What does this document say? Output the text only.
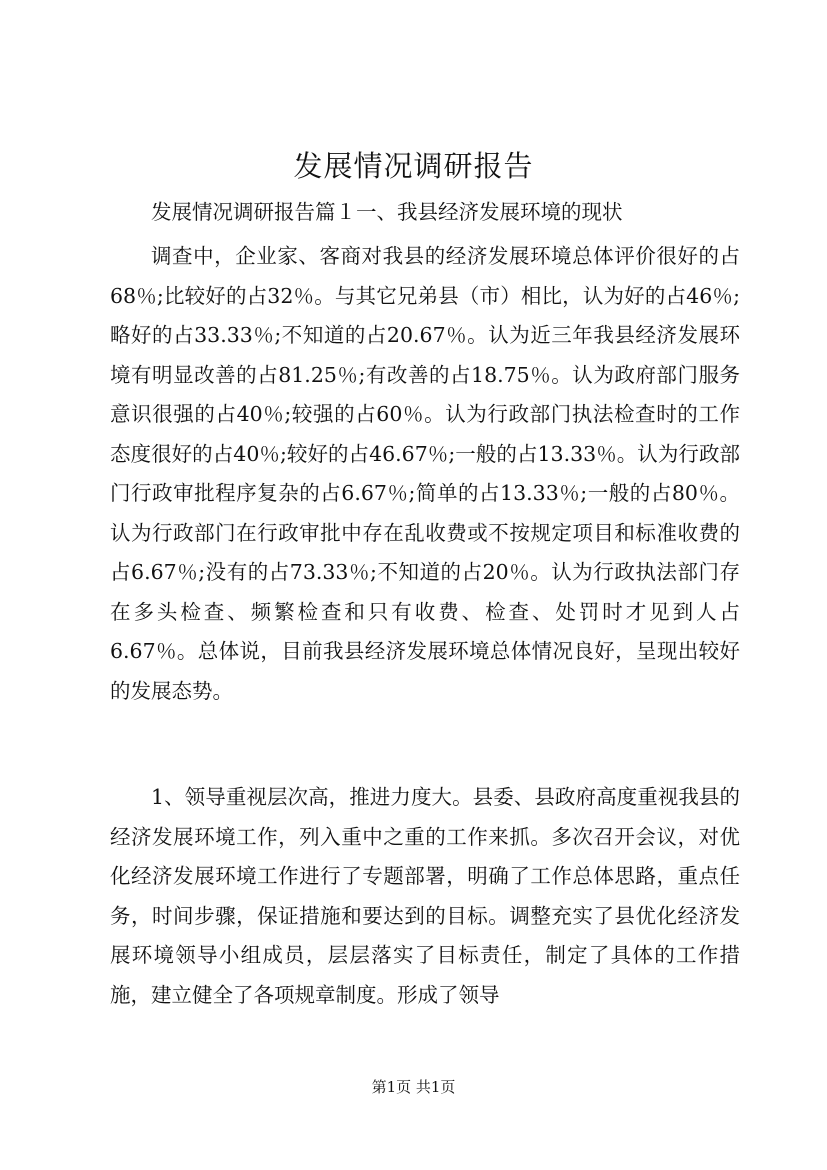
发展情况调研报告
发展情况调研报告篇１一、我县经济发展环境的现状
调查中，企业家、客商对我县的经济发展环境总体评价很好的占68％;比较好的占32％。与其它兄弟县（市）相比，认为好的占46％;略好的占33.33％;不知道的占20.67％。认为近三年我县经济发展环境有明显改善的占81.25％;有改善的占18.75％。认为政府部门服务意识很强的占40％;较强的占60％。认为行政部门执法检查时的工作态度很好的占40％;较好的占46.67％;一般的占13.33％。认为行政部门行政审批程序复杂的占6.67％;简单的占13.33％;一般的占80％。认为行政部门在行政审批中存在乱收费或不按规定项目和标准收费的占6.67％;没有的占73.33％;不知道的占20％。认为行政执法部门存在多头检查、频繁检查和只有收费、检查、处罚时才见到人占6.67％。总体说，目前我县经济发展环境总体情况良好，呈现出较好的发展态势。
1、领导重视层次高，推进力度大。县委、县政府高度重视我县的经济发展环境工作，列入重中之重的工作来抓。多次召开会议，对优化经济发展环境工作进行了专题部署，明确了工作总体思路，重点任务，时间步骤，保证措施和要达到的目标。调整充实了县优化经济发展环境领导小组成员，层层落实了目标责任，制定了具体的工作措施，建立健全了各项规章制度。形成了领导
第1页 共1页
